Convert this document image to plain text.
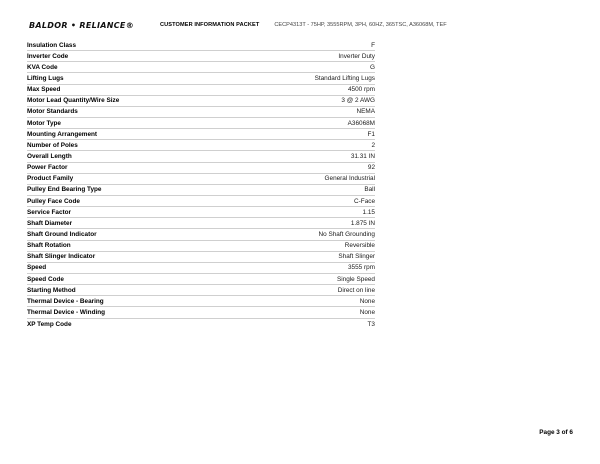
BALDOR • RELIANCE®	CUSTOMER INFORMATION PACKET	CECP4313T - 75HP, 3555RPM, 3PH, 60HZ, 365TSC, A36068M, TEF
Insulation Class	F
Inverter Code	Inverter Duty
KVA Code	G
Lifting Lugs	Standard Lifting Lugs
Max Speed	4500 rpm
Motor Lead Quantity/Wire Size	3 @ 2 AWG
Motor Standards	NEMA
Motor Type	A36068M
Mounting Arrangement	F1
Number of Poles	2
Overall Length	31.31 IN
Power Factor	92
Product Family	General Industrial
Pulley End Bearing Type	Ball
Pulley Face Code	C-Face
Service Factor	1.15
Shaft Diameter	1.875 IN
Shaft Ground Indicator	No Shaft Grounding
Shaft Rotation	Reversible
Shaft Slinger Indicator	Shaft Slinger
Speed	3555 rpm
Speed Code	Single Speed
Starting Method	Direct on line
Thermal Device - Bearing	None
Thermal Device - Winding	None
XP Temp Code	T3
Page 3 of 6
